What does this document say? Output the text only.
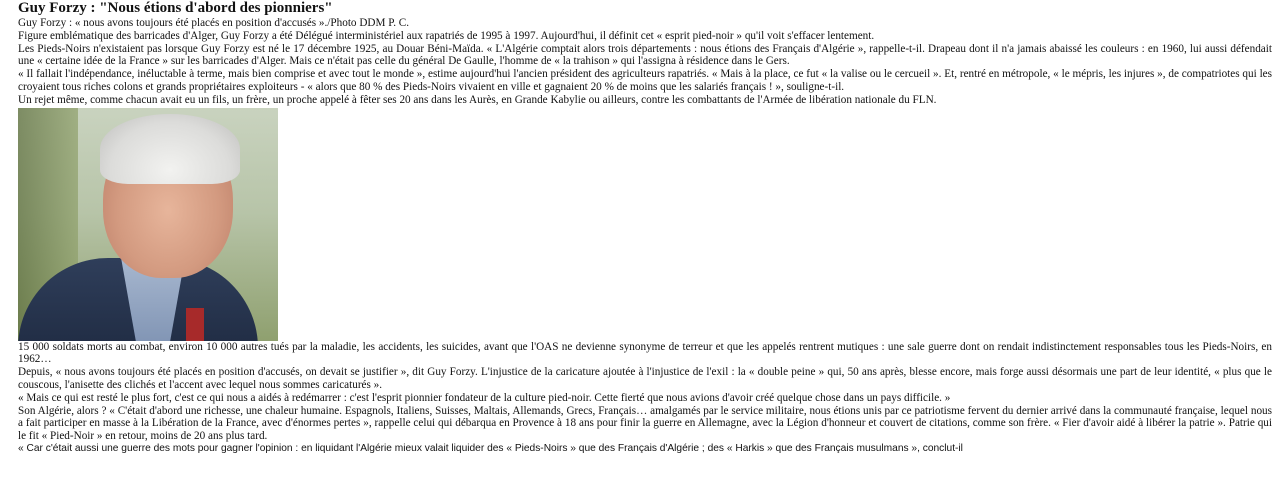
Guy Forzy : "Nous étions d'abord des pionniers"

Guy Forzy : « nous avons toujours été placés en position d'accusés »./Photo DDM P. C.

Figure emblématique des barricades d'Alger, Guy Forzy a été Délégué interministériel aux rapatriés de 1995 à 1997. Aujourd'hui, il définit cet « esprit pied-noir » qu'il voit s'effacer lentement.

Les Pieds-Noirs n'existaient pas lorsque Guy Forzy est né le 17 décembre 1925, au Douar Béni-Maïda. « L'Algérie comptait alors trois départements : nous étions des Français d'Algérie », rappelle-t-il. Drapeau dont il n'a jamais abaissé les couleurs : en 1960, lui aussi défendait une « certaine idée de la France » sur les barricades d'Alger. Mais ce n'était pas celle du général De Gaulle, l'homme de « la trahison » qui l'assigna à résidence dans le Gers.

« Il fallait l'indépendance, inéluctable à terme, mais bien comprise et avec tout le monde », estime aujourd'hui l'ancien président des agriculteurs rapatriés. « Mais à la place, ce fut « la valise ou le cercueil ». Et, rentré en métropole, « le mépris, les injures », de compatriotes qui les croyaient tous riches colons et grands propriétaires exploiteurs - « alors que 80 % des Pieds-Noirs vivaient en ville et gagnaient 20 % de moins que les salariés français ! », souligne-t-il.

Un rejet même, comme chacun avait eu un fils, un frère, un proche appelé à fêter ses 20 ans dans les Aurès, en Grande Kabylie ou ailleurs, contre les combattants de l'Armée de libération nationale du FLN.

15 000 soldats morts au combat, environ 10 000 autres tués par la maladie, les accidents, les suicides, avant que l'OAS ne devienne synonyme de terreur et que les appelés rentrent mutiques : une sale guerre dont on rendait indistinctement responsables tous les Pieds-Noirs, en 1962…

Depuis, « nous avons toujours été placés en position d'accusés, on devait se justifier », dit Guy Forzy. L'injustice de la caricature ajoutée à l'injustice de l'exil : la « double peine » qui, 50 ans après, blesse encore, mais forge aussi désormais une part de leur identité, « plus que le couscous, l'anisette des clichés et l'accent avec lequel nous sommes caricaturés ».

« Mais ce qui est resté le plus fort, c'est ce qui nous a aidés à redémarrer : c'est l'esprit pionnier fondateur de la culture pied-noir. Cette fierté que nous avions d'avoir créé quelque chose dans un pays difficile. »

Son Algérie, alors ? « C'était d'abord une richesse, une chaleur humaine. Espagnols, Italiens, Suisses, Maltais, Allemands, Grecs, Français… amalgamés par le service militaire, nous étions unis par ce patriotisme fervent du dernier arrivé dans la communauté française, lequel nous a fait participer en masse à la Libération de la France, avec d'énormes pertes », rappelle celui qui débarqua en Provence à 18 ans pour finir la guerre en Allemagne, avec la Légion d'honneur et couvert de citations, comme son frère. « Fier d'avoir aidé à libérer la patrie ». Patrie qui le fit « Pied-Noir » en retour, moins de 20 ans plus tard.

« Car c'était aussi une guerre des mots pour gagner l'opinion : en liquidant l'Algérie mieux valait liquider des « Pieds-Noirs » que des Français d'Algérie ; des « Harkis » que des Français musulmans », conclut-il
